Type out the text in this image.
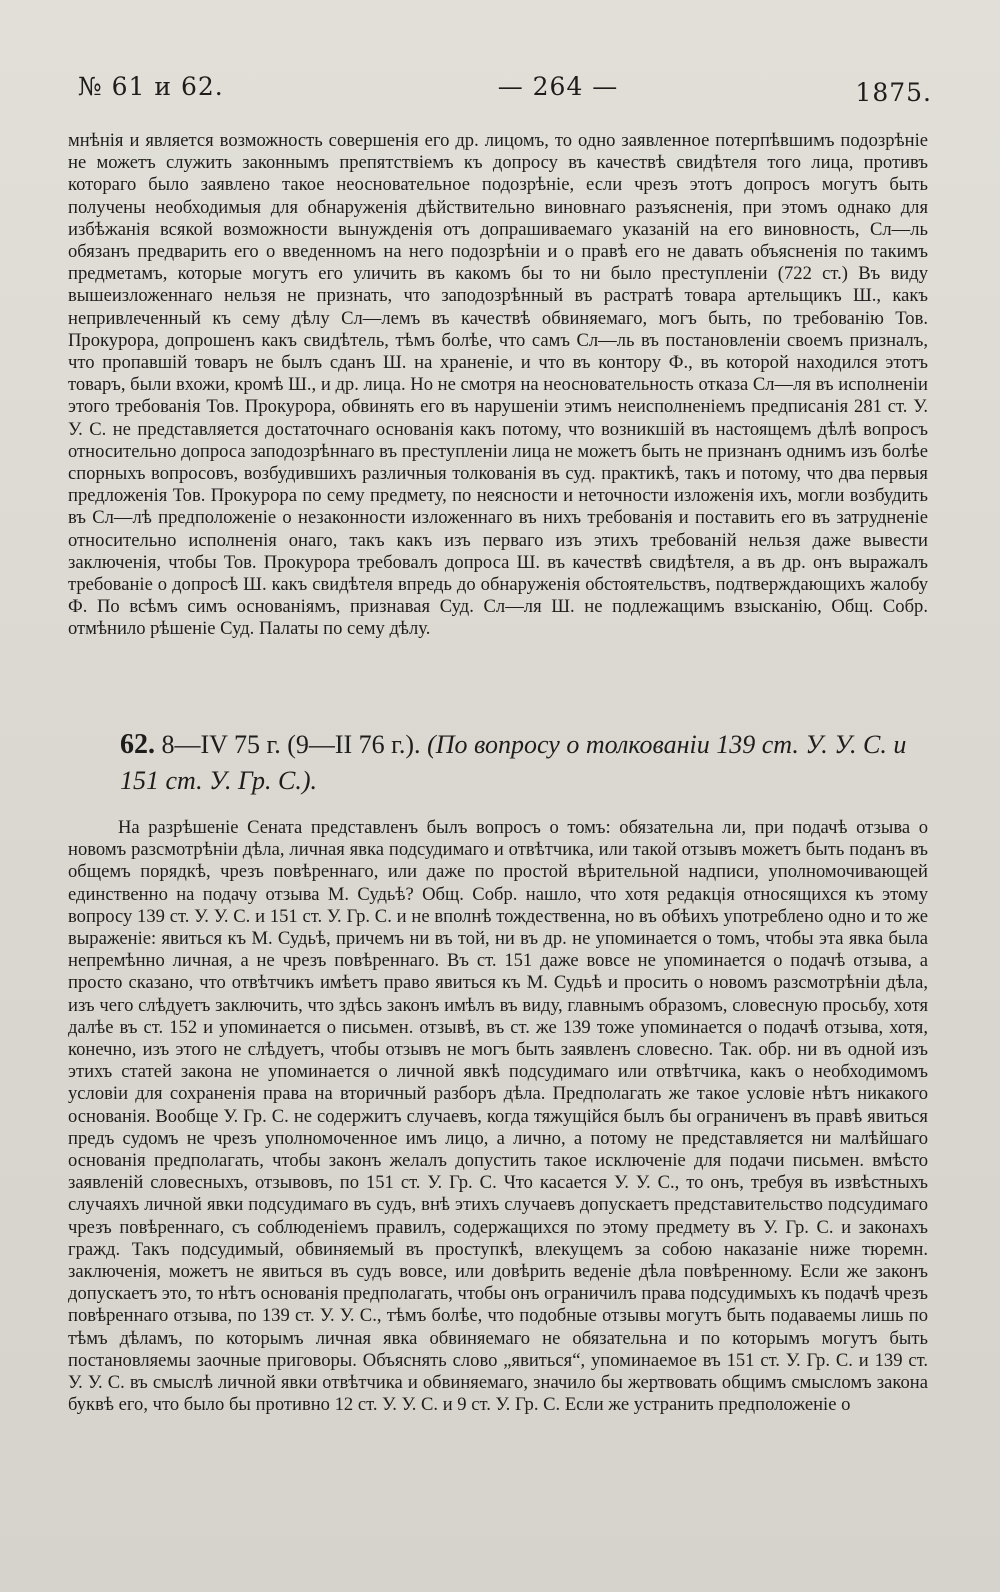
№ 61 и 62.	— 264 —	1875.
мнѣнія и является возможность совершенія его др. лицомъ, то одно заявленное потерпѣвшимъ подозрѣніе не можетъ служить законнымъ препятствіемъ къ допросу въ качествѣ свидѣтеля того лица, противъ котораго было заявлено такое неосновательное подозрѣніе, если чрезъ этотъ допросъ могутъ быть получены необходимыя для обнаруженія дѣйствительно виновнаго разъясненія, при этомъ однако для избѣжанія всякой возможности вынужденія отъ допрашиваемаго указаній на его виновность, Сл—ль обязанъ предварить его о введенномъ на него подозрѣніи и о правѣ его не давать объясненія по такимъ предметамъ, которые могутъ его уличить въ какомъ бы то ни было преступленіи (722 ст.) Въ виду вышеизложеннаго нельзя не признать, что заподозрѣнный въ растратѣ товара артельщикъ Ш., какъ непривлеченный къ сему дѣлу Сл—лемъ въ качествѣ обвиняемаго, могъ быть, по требованію Тов. Прокурора, допрошенъ какъ свидѣтель, тѣмъ болѣе, что самъ Сл—ль въ постановленіи своемъ призналъ, что пропавшій товаръ не былъ сданъ Ш. на храненіе, и что въ контору Ф., въ которой находился этотъ товаръ, были вхожи, кромѣ Ш., и др. лица. Но не смотря на неосновательность отказа Сл—ля въ исполненіи этого требованія Тов. Прокурора, обвинять его въ нарушеніи этимъ неисполненіемъ предписанія 281 ст. У. У. С. не представляется достаточнаго основанія какъ потому, что возникшій въ настоящемъ дѣлѣ вопросъ относительно допроса заподозрѣннаго въ преступленіи лица не можетъ быть не признанъ однимъ изъ болѣе спорныхъ вопросовъ, возбудившихъ различныя толкованія въ суд. практикѣ, такъ и потому, что два первыя предложенія Тов. Прокурора по сему предмету, по неясности и неточности изложенія ихъ, могли возбудить въ Сл—лѣ предположеніе о незаконности изложеннаго въ нихъ требованія и поставить его въ затрудненіе относительно исполненія онаго, такъ какъ изъ перваго изъ этихъ требованій нельзя даже вывести заключенія, чтобы Тов. Прокурора требовалъ допроса Ш. въ качествѣ свидѣтеля, а въ др. онъ выражалъ требованіе о допросѣ Ш. какъ свидѣтеля впредь до обнаруженія обстоятельствъ, подтверждающихъ жалобу Ф. По всѣмъ симъ основаніямъ, признавая Суд. Сл—ля Ш. не подлежащимъ взысканію, Общ. Собр. отмѣнило рѣшеніе Суд. Палаты по сему дѣлу.
62. 8—IV 75 г. (9—II 76 г.). (По вопросу о толкованіи 139 ст. У. У. С. и 151 ст. У. Гр. С.).
На разрѣшеніе Сената представленъ былъ вопросъ о томъ: обязательна ли, при подачѣ отзыва о новомъ разсмотрѣніи дѣла, личная явка подсудимаго и отвѣтчика, или такой отзывъ можетъ быть поданъ въ общемъ порядкѣ, чрезъ повѣреннаго, или даже по простой вѣрительной надписи, уполномочивающей единственно на подачу отзыва М. Судьѣ? Общ. Собр. нашло, что хотя редакція относящихся къ этому вопросу 139 ст. У. У. С. и 151 ст. У. Гр. С. и не вполнѣ тождественна, но въ обѣихъ употреблено одно и то же выраженіе: явиться къ М. Судьѣ, причемъ ни въ той, ни въ др. не упоминается о томъ, чтобы эта явка была непремѣнно личная, а не чрезъ повѣреннаго. Въ ст. 151 даже вовсе не упоминается о подачѣ отзыва, а просто сказано, что отвѣтчикъ имѣетъ право явиться къ М. Судьѣ и просить о новомъ разсмотрѣніи дѣла, изъ чего слѣдуетъ заключить, что здѣсь законъ имѣлъ въ виду, главнымъ образомъ, словесную просьбу, хотя далѣе въ ст. 152 и упоминается о письмен. отзывѣ, въ ст. же 139 тоже упоминается о подачѣ отзыва, хотя, конечно, изъ этого не слѣдуетъ, чтобы отзывъ не могъ быть заявленъ словесно. Так. обр. ни въ одной изъ этихъ статей закона не упоминается о личной явкѣ подсудимаго или отвѣтчика, какъ о необходимомъ условіи для сохраненія права на вторичный разборъ дѣла. Предполагать же такое условіе нѣтъ никакого основанія. Вообще У. Гр. С. не содержитъ случаевъ, когда тяжущійся былъ бы ограниченъ въ правѣ явиться предъ судомъ не чрезъ уполномоченное имъ лицо, а лично, а потому не представляется ни малѣйшаго основанія предполагать, чтобы законъ желалъ допустить такое исключеніе для подачи письмен. вмѣсто заявленій словесныхъ, отзывовъ, по 151 ст. У. Гр. С. Что касается У. У. С., то онъ, требуя въ извѣстныхъ случаяхъ личной явки подсудимаго въ судъ, внѣ этихъ случаевъ допускаетъ представительство подсудимаго чрезъ повѣреннаго, съ соблюденіемъ правилъ, содержащихся по этому предмету въ У. Гр. С. и законахъ гражд. Такъ подсудимый, обвиняемый въ проступкѣ, влекущемъ за собою наказаніе ниже тюремн. заключенія, можетъ не явиться въ судъ вовсе, или довѣрить веденіе дѣла повѣренному. Если же законъ допускаетъ это, то нѣтъ основанія предполагать, чтобы онъ ограничилъ права подсудимыхъ къ подачѣ чрезъ повѣреннаго отзыва, по 139 ст. У. У. С., тѣмъ болѣе, что подобные отзывы могутъ быть подаваемы лишь по тѣмъ дѣламъ, по которымъ личная явка обвиняемаго не обязательна и по которымъ могутъ быть постановляемы заочные приговоры. Объяснять слово „явиться“, упоминаемое въ 151 ст. У. Гр. С. и 139 ст. У. У. С. въ смыслѣ личной явки отвѣтчика и обвиняемаго, значило бы жертвовать общимъ смысломъ закона буквѣ его, что было бы противно 12 ст. У. У. С. и 9 ст. У. Гр. С. Если же устранить предположеніе о
